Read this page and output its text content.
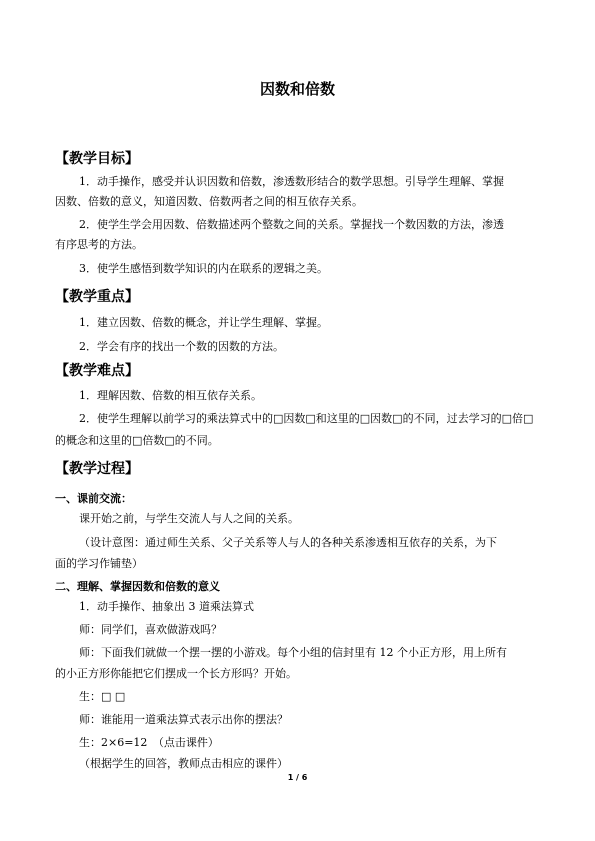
因数和倍数
【教学目标】
1．动手操作，感受并认识因数和倍数，渗透数形结合的数学思想。引导学生理解、掌握
因数、倍数的意义，知道因数、倍数两者之间的相互依存关系。
2．使学生学会用因数、倍数描述两个整数之间的关系。掌握找一个数因数的方法，渗透
有序思考的方法。
3．使学生感悟到数学知识的内在联系的逻辑之美。
【教学重点】
1．建立因数、倍数的概念，并让学生理解、掌握。
2．学会有序的找出一个数的因数的方法。
【教学难点】
1．理解因数、倍数的相互依存关系。
2．使学生理解以前学习的乘法算式中的□因数□和这里的□因数□的不同，过去学习的□倍□
的概念和这里的□倍数□的不同。
【教学过程】
一、课前交流：
课开始之前，与学生交流人与人之间的关系。
（设计意图：通过师生关系、父子关系等人与人的各种关系渗透相互依存的关系，为下
面的学习作铺垫）
二、理解、掌握因数和倍数的意义
1．动手操作、抽象出 3 道乘法算式
师：同学们，喜欢做游戏吗？
师：下面我们就做一个摆一摆的小游戏。每个小组的信封里有 12 个小正方形，用上所有
的小正方形你能把它们摆成一个长方形吗？开始。
生：□ □
师：谁能用一道乘法算式表示出你的摆法？
生：2×6=12　（点击课件）
（根据学生的回答，教师点击相应的课件）
1 / 6
